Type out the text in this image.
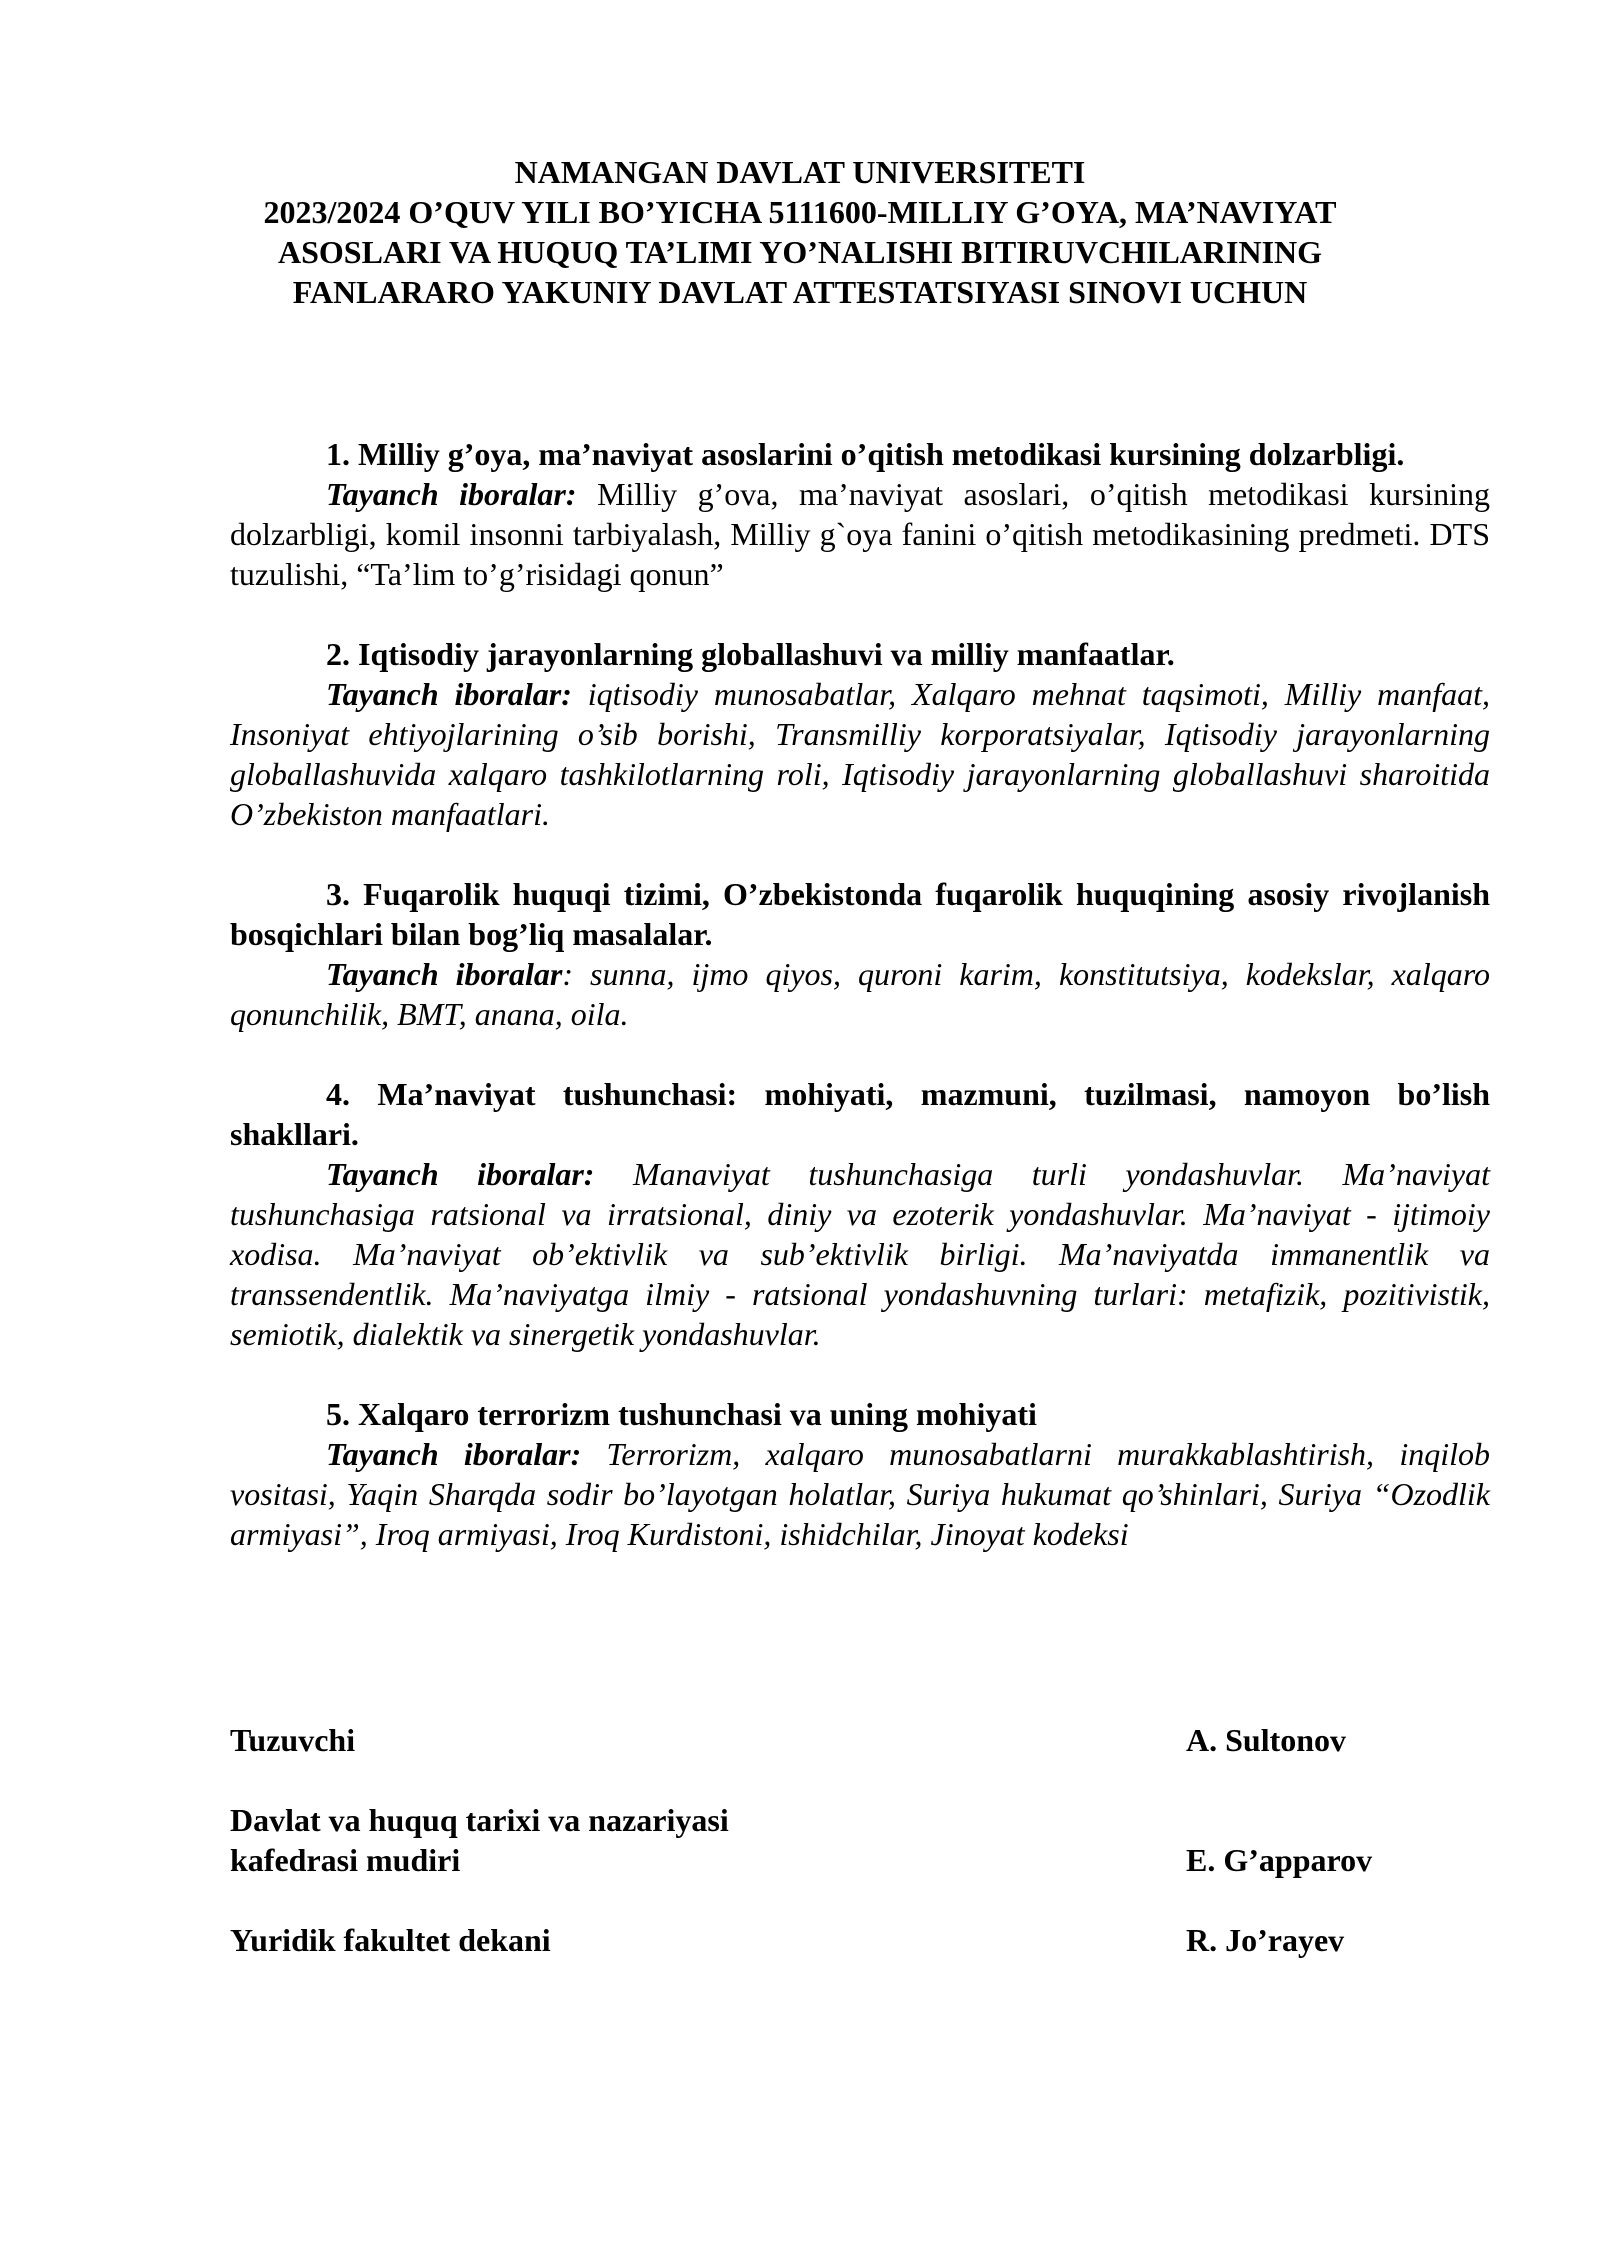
NAMANGAN DAVLAT UNIVERSITETI
2023/2024 O’QUV YILI BO’YICHA 5111600-MILLIY G’OYA, MA’NAVIYAT
ASOSLARI VA HUQUQ TA’LIMI YO’NALISHI BITIRUVCHILARINING
FANLARARO YAKUNIY DAVLAT ATTESTATSIYASI SINOVI UCHUN
1. Milliy g’oya, ma’naviyat asoslarini o’qitish metodikasi kursining dolzarbligi.
Tayanch iboralar: Milliy g’ova, ma’naviyat asoslari, o’qitish metodikasi kursining dolzarbligi, komil insonni tarbiyalash, Milliy g`oya fanini o’qitish metodikasining predmeti. DTS tuzulishi, “Ta’lim to’g’risidagi qonun”
2. Iqtisodiy jarayonlarning globallashuvi va milliy manfaatlar.
Tayanch iboralar: iqtisodiy munosabatlar, Xalqaro mehnat taqsimoti, Milliy manfaat, Insoniyat ehtiyojlarining o’sib borishi, Transmilliy korporatsiyalar, Iqtisodiy jarayonlarning globallashuvida xalqaro tashkilotlarning roli, Iqtisodiy jarayonlarning globallashuvi sharoitida O’zbekiston manfaatlari.
3. Fuqarolik huquqi tizimi, O’zbekistonda fuqarolik huquqining asosiy rivojlanish bosqichlari bilan bog’liq masalalar.
Tayanch iboralar: sunna, ijmo qiyos, quroni karim, konstitutsiya, kodekslar, xalqaro qonunchilik, BMT, anana, oila.
4. Ma’naviyat tushunchasi: mohiyati, mazmuni, tuzilmasi, namoyon bo’lish shakllari.
Tayanch iboralar: Manaviyat tushunchasiga turli yondashuvlar. Ma’naviyat tushunchasiga ratsional va irratsional, diniy va ezoterik yondashuvlar. Ma’naviyat - ijtimoiy xodisa. Ma’naviyat ob’ektivlik va sub’ektivlik birligi. Ma’naviyatda immanentlik va transsendentlik. Ma’naviyatga ilmiy - ratsional yondashuvning turlari: metafizik, pozitivistik, semiotik, dialektik va sinergetik yondashuvlar.
5. Xalqaro terrorizm tushunchasi va uning mohiyati
Tayanch iboralar: Terrorizm, xalqaro munosabatlarni murakkablashtirish, inqilob vositasi, Yaqin Sharqda sodir bo’layotgan holatlar, Suriya hukumat qo’shinlari, Suriya “Ozodlik armiyasi”, Iroq armiyasi, Iroq Kurdistoni, ishidchilar, Jinoyat kodeksi
Tuzuvchi	A. Sultonov
Davlat va huquq tarixi va nazariyasi
kafedrasi mudiri	E. G’apparov
Yuridik fakultet dekani	R. Jo’rayev
